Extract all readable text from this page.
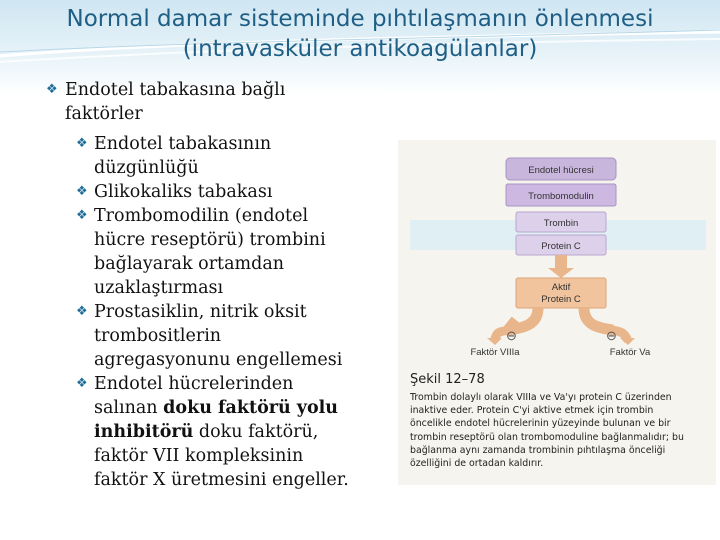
Normal damar sisteminde pıhtılaşmanın önlenmesi
(intravasküler antikoagülanlar)
❖ Endotel tabakasına bağlı
faktörler
❖ Endotel tabakasının
düzgünlüğü
❖ Glikokaliks tabakası
❖ Trombomodilin (endotel
hücre reseptörü) trombini
bağlayarak ortamdan
uzaklaştırması
❖ Prostasiklin, nitrik oksit
trombositlerin
agregasyonunu engellemesi
❖ Endotel hücrelerinden
salınan doku faktörü yolu
inhibitörü doku faktörü,
faktör VII kompleksinin
faktör X üretmesini engeller.
Endotel hücresi
Trombomodulin
Trombin
Protein C
Aktif
Protein C
⊖	⊖
Faktör VIIIa	Faktör Va
Şekil 12–78
Trombin dolaylı olarak VIIIa ve Va'yı protein C üzerinden
inaktive eder. Protein C'yi aktive etmek için trombin
öncelikle endotel hücrelerinin yüzeyinde bulunan ve bir
trombin reseptörü olan trombomoduline bağlanmalıdır; bu
bağlanma aynı zamanda trombinin pıhtılaşma önceliği
özelliğini de ortadan kaldırır.
